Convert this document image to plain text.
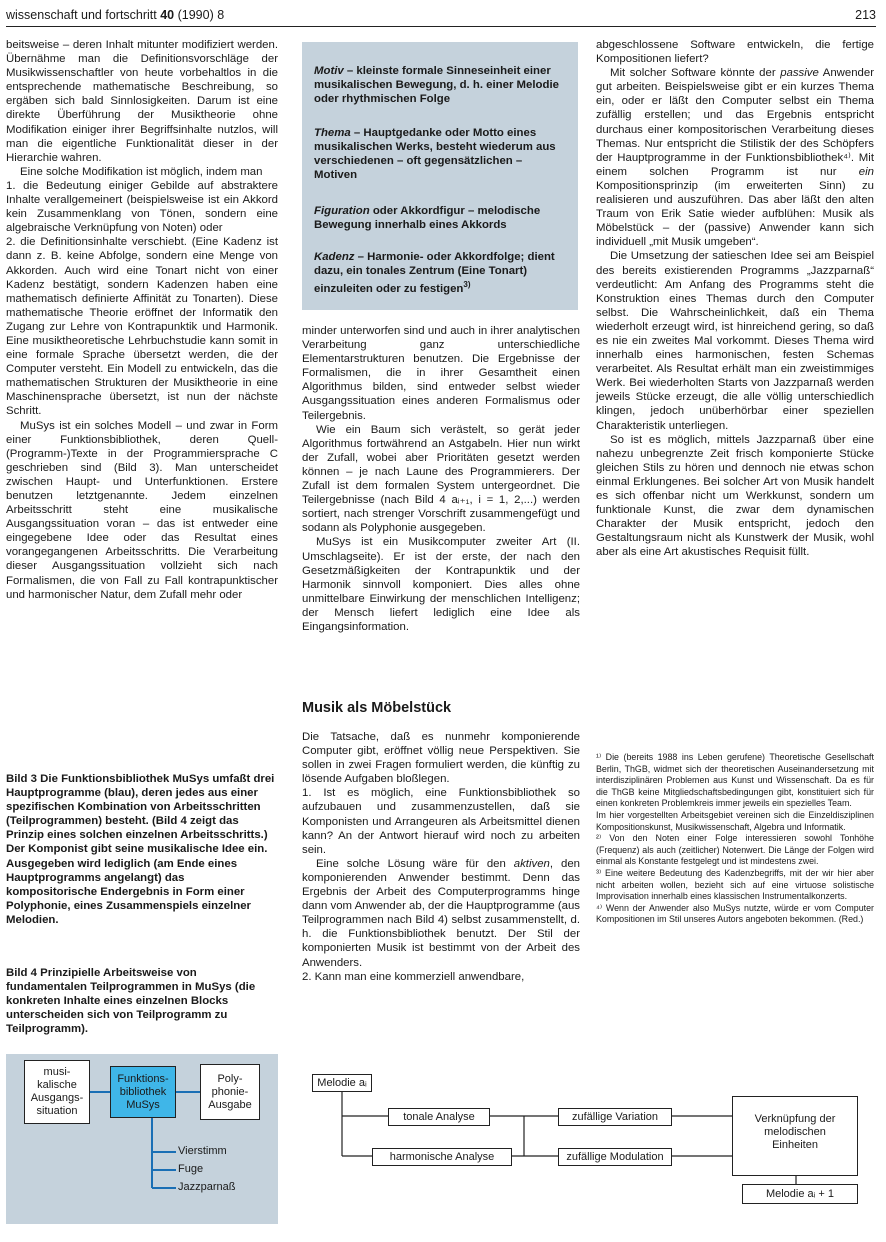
wissenschaft und fortschritt 40 (1990) 8	213

beitsweise – deren Inhalt mitunter modifiziert werden. Übernähme man die Definitionsvorschläge der Musikwissenschaftler von heute vorbehaltlos in die entsprechende mathematische Beschreibung, so ergäben sich bald Sinnlosigkeiten. Darum ist eine direkte Überführung der Musiktheorie ohne Modifikation einiger ihrer Begriffsinhalte nutzlos, will man die eigentliche Funktionalität dieser in der Hierarchie wahren.

Eine solche Modifikation ist möglich, indem man

1. die Bedeutung einiger Gebilde auf abstraktere Inhalte verallgemeinert (beispielsweise ist ein Akkord kein Zusammenklang von Tönen, sondern eine algebraische Verknüpfung von Noten) oder

2. die Definitionsinhalte verschiebt. (Eine Kadenz ist dann z. B. keine Abfolge, sondern eine Menge von Akkorden. Auch wird eine Tonart nicht von einer Kadenz bestätigt, sondern Kadenzen haben eine mathematisch definierte Affinität zu Tonarten). Diese mathematische Theorie eröffnet der Informatik den Zugang zur Lehre von Kontrapunktik und Harmonik. Eine musiktheoretische Lehrbuchstudie kann somit in eine formale Sprache übersetzt werden, die der Computer versteht. Ein Modell zu entwickeln, das die mathematischen Strukturen der Musiktheorie in eine Maschinensprache übersetzt, ist nun der nächste Schritt.

MuSys ist ein solches Modell – und zwar in Form einer Funktionsbibliothek, deren Quell-(Programm-)Texte in der Programmiersprache C geschrieben sind (Bild 3). Man unterscheidet zwischen Haupt- und Unterfunktionen. Erstere benutzen letztgenannte. Jedem einzelnen Arbeitsschritt steht eine musikalische Ausgangssituation voran – das ist entweder eine eingegebene Idee oder das Resultat eines vorangegangenen Arbeitsschritts. Die Verarbeitung dieser Ausgangssituation vollzieht sich nach Formalismen, die von Fall zu Fall kontrapunktischer und harmonischer Natur, dem Zufall mehr oder

Bild 3 Die Funktionsbibliothek MuSys umfaßt drei Hauptprogramme (blau), deren jedes aus einer spezifischen Kombination von Arbeitsschritten (Teilprogrammen) besteht. (Bild 4 zeigt das Prinzip eines solchen einzelnen Arbeitsschritts.) Der Komponist gibt seine musikalische Idee ein. Ausgegeben wird lediglich (am Ende eines Hauptprogramms angelangt) das kompositorische Endergebnis in Form einer Polyphonie, eines Zusammenspiels einzelner Melodien.
Bild 4 Prinzipielle Arbeitsweise von fundamentalen Teilprogrammen in MuSys (die konkreten Inhalte eines einzelnen Blocks unterscheiden sich von Teilprogramm zu Teilprogramm).
Motiv – kleinste formale Sinneseinheit einer musikalischen Bewegung, d. h. einer Melodie oder rhythmischen Folge
Thema – Hauptgedanke oder Motto eines musikalischen Werks, besteht wiederum aus verschiedenen – oft gegensätzlichen – Motiven
Figuration oder Akkordfigur – melodische Bewegung innerhalb eines Akkords
Kadenz – Harmonie- oder Akkordfolge; dient dazu, ein tonales Zentrum (Eine Tonart) einzuleiten oder zu festigen$^{3)}$

minder unterworfen sind und auch in ihrer analytischen Verarbeitung ganz unterschiedliche Elementarstrukturen benutzen. Die Ergebnisse der Formalismen, die in ihrer Gesamtheit einen Algorithmus bilden, sind entweder selbst wieder Ausgangssituation eines anderen Formalismus oder Teilergebnis.

Wie ein Baum sich verästelt, so gerät jeder Algorithmus fortwährend an Astgabeln. Hier nun wirkt der Zufall, wobei aber Prioritäten gesetzt werden können – je nach Laune des Programmierers. Der Zufall ist dem formalen System untergeordnet. Die Teilergebnisse (nach Bild 4 aᵢ₊₁, i = 1, 2,...) werden sortiert, nach strenger Vorschrift zusammengefügt und sodann als Polyphonie ausgegeben.

MuSys ist ein Musikcomputer zweiter Art (II. Umschlagseite). Er ist der erste, der nach den Gesetzmäßigkeiten der Kontrapunktik und der Harmonik sinnvoll komponiert. Dies alles ohne unmittelbare Einwirkung der menschlichen Intelligenz; der Mensch liefert lediglich eine Idee als Eingangsinformation.

Musik als Möbelstück

Die Tatsache, daß es nunmehr komponierende Computer gibt, eröffnet völlig neue Perspektiven. Sie sollen in zwei Fragen formuliert werden, die künftig zu lösende Aufgaben bloßlegen.

1. Ist es möglich, eine Funktionsbibliothek so aufzubauen und zusammenzustellen, daß sie Komponisten und Arrangeuren als Arbeitsmittel dienen kann? An der Antwort hierauf wird noch zu arbeiten sein.

Eine solche Lösung wäre für den aktiven, den komponierenden Anwender bestimmt. Denn das Ergebnis der Arbeit des Computerprogramms hinge dann vom Anwender ab, der die Hauptprogramme (aus Teilprogrammen nach Bild 4) selbst zusammenstellt, d. h. die Funktionsbibliothek benutzt. Der Stil der komponierten Musik ist bestimmt von der Arbeit des Anwenders.

2. Kann man eine kommerziell anwendbare,

abgeschlossene Software entwickeln, die fertige Kompositionen liefert?

Mit solcher Software könnte der passive Anwender gut arbeiten. Beispielsweise gibt er ein kurzes Thema ein, oder er läßt den Computer selbst ein Thema zufällig erstellen; und das Ergebnis entspricht durchaus einer kompositorischen Verarbeitung dieses Themas. Nur entspricht die Stilistik der des Schöpfers der Hauptprogramme in der Funktionsbibliothek⁴⁾. Mit einem solchen Programm ist nur ein Kompositionsprinzip (im erweiterten Sinn) zu realisieren und auszuführen. Das aber läßt den alten Traum von Erik Satie wieder aufblühen: Musik als Möbelstück – der (passive) Anwender kann sich individuell „mit Musik umgeben“.

Die Umsetzung der satieschen Idee sei am Beispiel des bereits existierenden Programms „Jazzparnaß“ verdeutlicht: Am Anfang des Programms steht die Konstruktion eines Themas durch den Computer selbst. Die Wahrscheinlichkeit, daß ein Thema wiederholt erzeugt wird, ist hinreichend gering, so daß es nie ein zweites Mal vorkommt. Dieses Thema wird innerhalb eines harmonischen, festen Schemas verarbeitet. Als Resultat erhält man ein zweistimmiges Werk. Bei wiederholten Starts von Jazzparnaß werden jeweils Stücke erzeugt, die alle völlig unterschiedlich klingen, jedoch unüberhörbar einer speziellen Charakteristik unterliegen.

So ist es möglich, mittels Jazzparnaß über eine nahezu unbegrenzte Zeit frisch komponierte Stücke gleichen Stils zu hören und dennoch nie etwas schon einmal Erklungenes. Bei solcher Art von Musik handelt es sich offenbar nicht um Werkkunst, sondern um funktionale Kunst, die zwar dem dynamischen Charakter der Musik entspricht, jedoch den Gestaltungsraum nicht als Kunstwerk der Musik, wohl aber als eine Art akustisches Requisit füllt.

¹⁾ Die (bereits 1988 ins Leben gerufene) Theoretische Gesellschaft Berlin, ThGB, widmet sich der theoretischen Auseinandersetzung mit interdisziplinären Problemen aus Kunst und Wissenschaft. Da es für die ThGB keine Mitgliedschaftsbedingungen gibt, konstituiert sich für einen konkreten Problemkreis immer jeweils ein spezielles Team.

Im hier vorgestellten Arbeitsgebiet vereinen sich die Einzeldisziplinen Kompositionskunst, Musikwissenschaft, Algebra und Informatik.

²⁾ Von den Noten einer Folge interessieren sowohl Tonhöhe (Frequenz) als auch (zeitlicher) Notenwert. Die Länge der Folgen wird einmal als Konstante festgelegt und ist mindestens zwei.

³⁾ Eine weitere Bedeutung des Kadenzbegriffs, mit der wir hier aber nicht arbeiten wollen, bezieht sich auf eine virtuose solistische Improvisation innerhalb eines klassischen Instrumentalkonzerts.

⁴⁾ Wenn der Anwender also MuSys nutzte, würde er vom Computer Kompositionen im Stil unseres Autors angeboten bekommen. (Red.)

musi-
kalische
Ausgangs-
situation
Funktions-
bibliothek
MuSys
Poly-
phonie-
Ausgabe
Vierstimm
Fuge
Jazzparnaß
Melodie aᵢ
tonale Analyse
harmonische Analyse
zufällige Variation
zufällige Modulation
Verknüpfung der
melodischen
Einheiten
Melodie aᵢ + 1
